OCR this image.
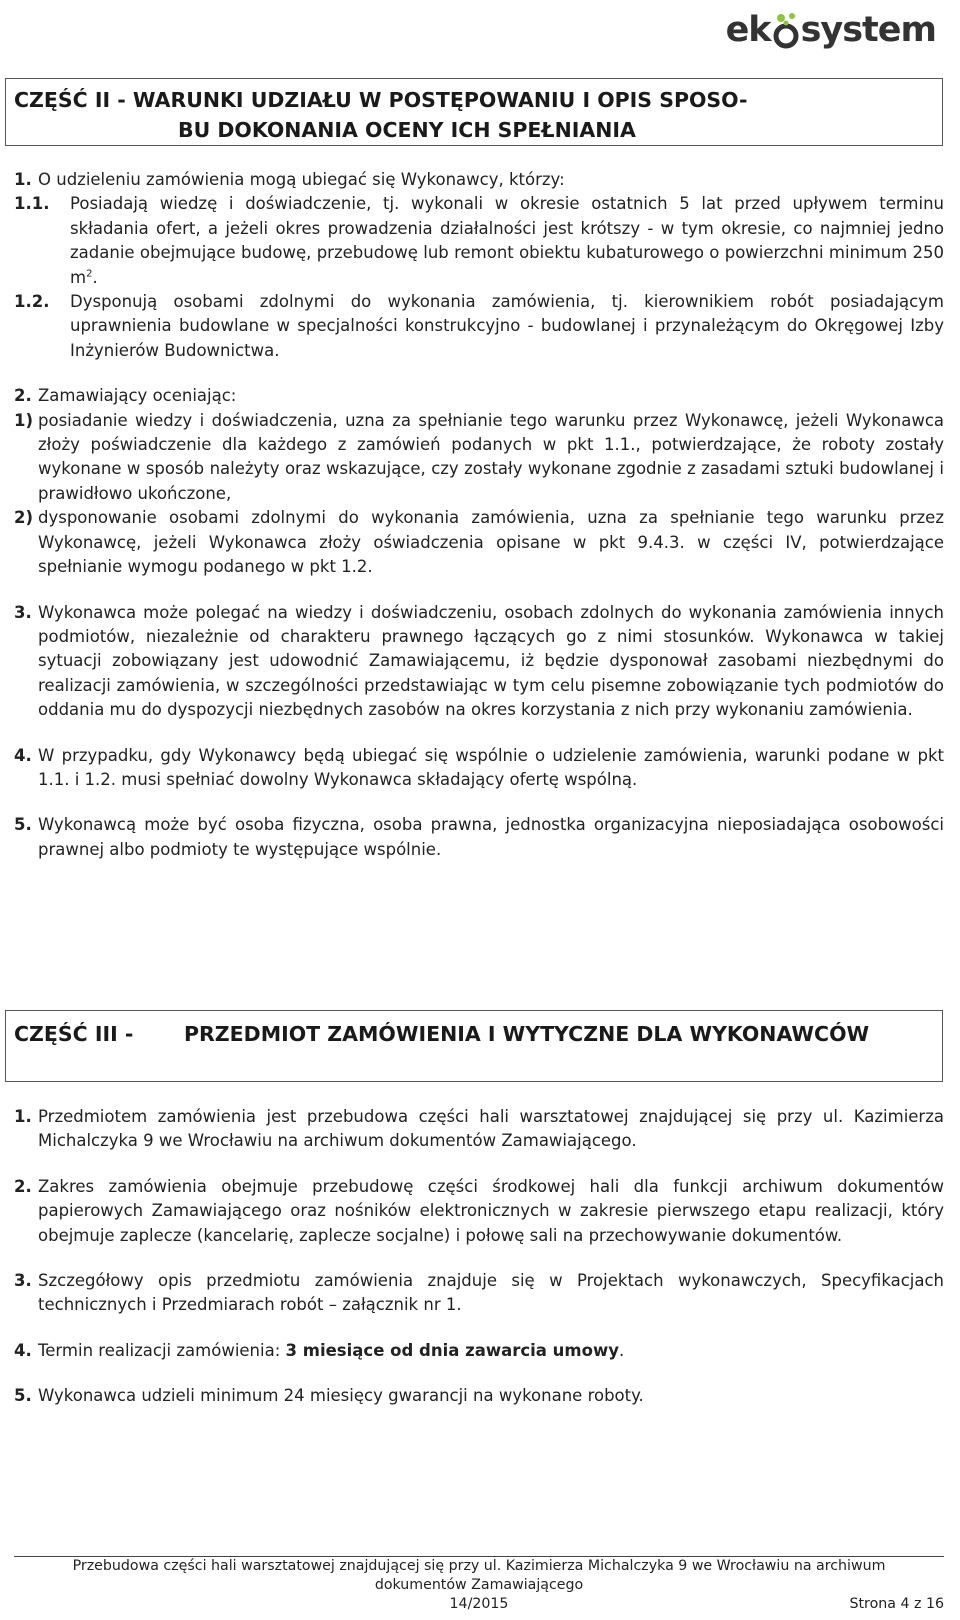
ek system
CZĘŚĆ II - WARUNKI UDZIAŁU W POSTĘPOWANIU I OPIS SPOSO-
BU DOKONANIA OCENY ICH SPEŁNIANIA
1. O udzieleniu zamówienia mogą ubiegać się Wykonawcy, którzy:
1.1.	Posiadają wiedzę i doświadczenie, tj. wykonali w okresie ostatnich 5 lat przed upływem terminu składania ofert, a jeżeli okres prowadzenia działalności jest krótszy - w tym okresie, co najmniej jedno zadanie obejmujące budowę, przebudowę lub remont obiektu kubaturowego o powierzchni minimum 250 $m^2$.
1.2.	Dysponują osobami zdolnymi do wykonania zamówienia, tj. kierownikiem robót posiadającym uprawnienia budowlane w specjalności konstrukcyjno - budowlanej i przynależącym do Okręgowej Izby Inżynierów Budownictwa.
2. Zamawiający oceniając:
1) posiadanie wiedzy i doświadczenia, uzna za spełnianie tego warunku przez Wykonawcę, jeżeli Wykonawca złoży poświadczenie dla każdego z zamówień podanych w pkt 1.1., potwierdzające, że roboty zostały wykonane w sposób należyty oraz wskazujące, czy zostały wykonane zgodnie z zasadami sztuki budowlanej i prawidłowo ukończone,
2) dysponowanie osobami zdolnymi do wykonania zamówienia, uzna za spełnianie tego warunku przez Wykonawcę, jeżeli Wykonawca złoży oświadczenia opisane w pkt 9.4.3. w części IV, potwierdzające spełnianie wymogu podanego w pkt 1.2.
3. Wykonawca może polegać na wiedzy i doświadczeniu, osobach zdolnych do wykonania zamówienia innych podmiotów, niezależnie od charakteru prawnego łączących go z nimi stosunków. Wykonawca w takiej sytuacji zobowiązany jest udowodnić Zamawiającemu, iż będzie dysponował zasobami niezbędnymi do realizacji zamówienia, w szczególności przedstawiając w tym celu pisemne zobowiązanie tych podmiotów do oddania mu do dyspozycji niezbędnych zasobów na okres korzystania z nich przy wykonaniu zamówienia.
4. W przypadku, gdy Wykonawcy będą ubiegać się wspólnie o udzielenie zamówienia, warunki podane w pkt 1.1. i 1.2. musi spełniać dowolny Wykonawca składający ofertę wspólną.
5. Wykonawcą może być osoba fizyczna, osoba prawna, jednostka organizacyjna nieposiadająca osobowości prawnej albo podmioty te występujące wspólnie.
CZĘŚĆ III -	PRZEDMIOT ZAMÓWIENIA I WYTYCZNE DLA WYKONAWCÓW
1. Przedmiotem zamówienia jest przebudowa części hali warsztatowej znajdującej się przy ul. Kazimierza Michalczyka 9 we Wrocławiu na archiwum dokumentów Zamawiającego.
2. Zakres zamówienia obejmuje przebudowę części środkowej hali dla funkcji archiwum dokumentów papierowych Zamawiającego oraz nośników elektronicznych w zakresie pierwszego etapu realizacji, który obejmuje zaplecze (kancelarię, zaplecze socjalne) i połowę sali na przechowywanie dokumentów.
3. Szczegółowy opis przedmiotu zamówienia znajduje się w Projektach wykonawczych, Specyfikacjach technicznych i Przedmiarach robót – załącznik nr 1.
4. Termin realizacji zamówienia: 3 miesiące od dnia zawarcia umowy.
5. Wykonawca udzieli minimum 24 miesięcy gwarancji na wykonane roboty.
Przebudowa części hali warsztatowej znajdującej się przy ul. Kazimierza Michalczyka 9 we Wrocławiu na archiwum
dokumentów Zamawiającego
14/2015	Strona 4 z 16
